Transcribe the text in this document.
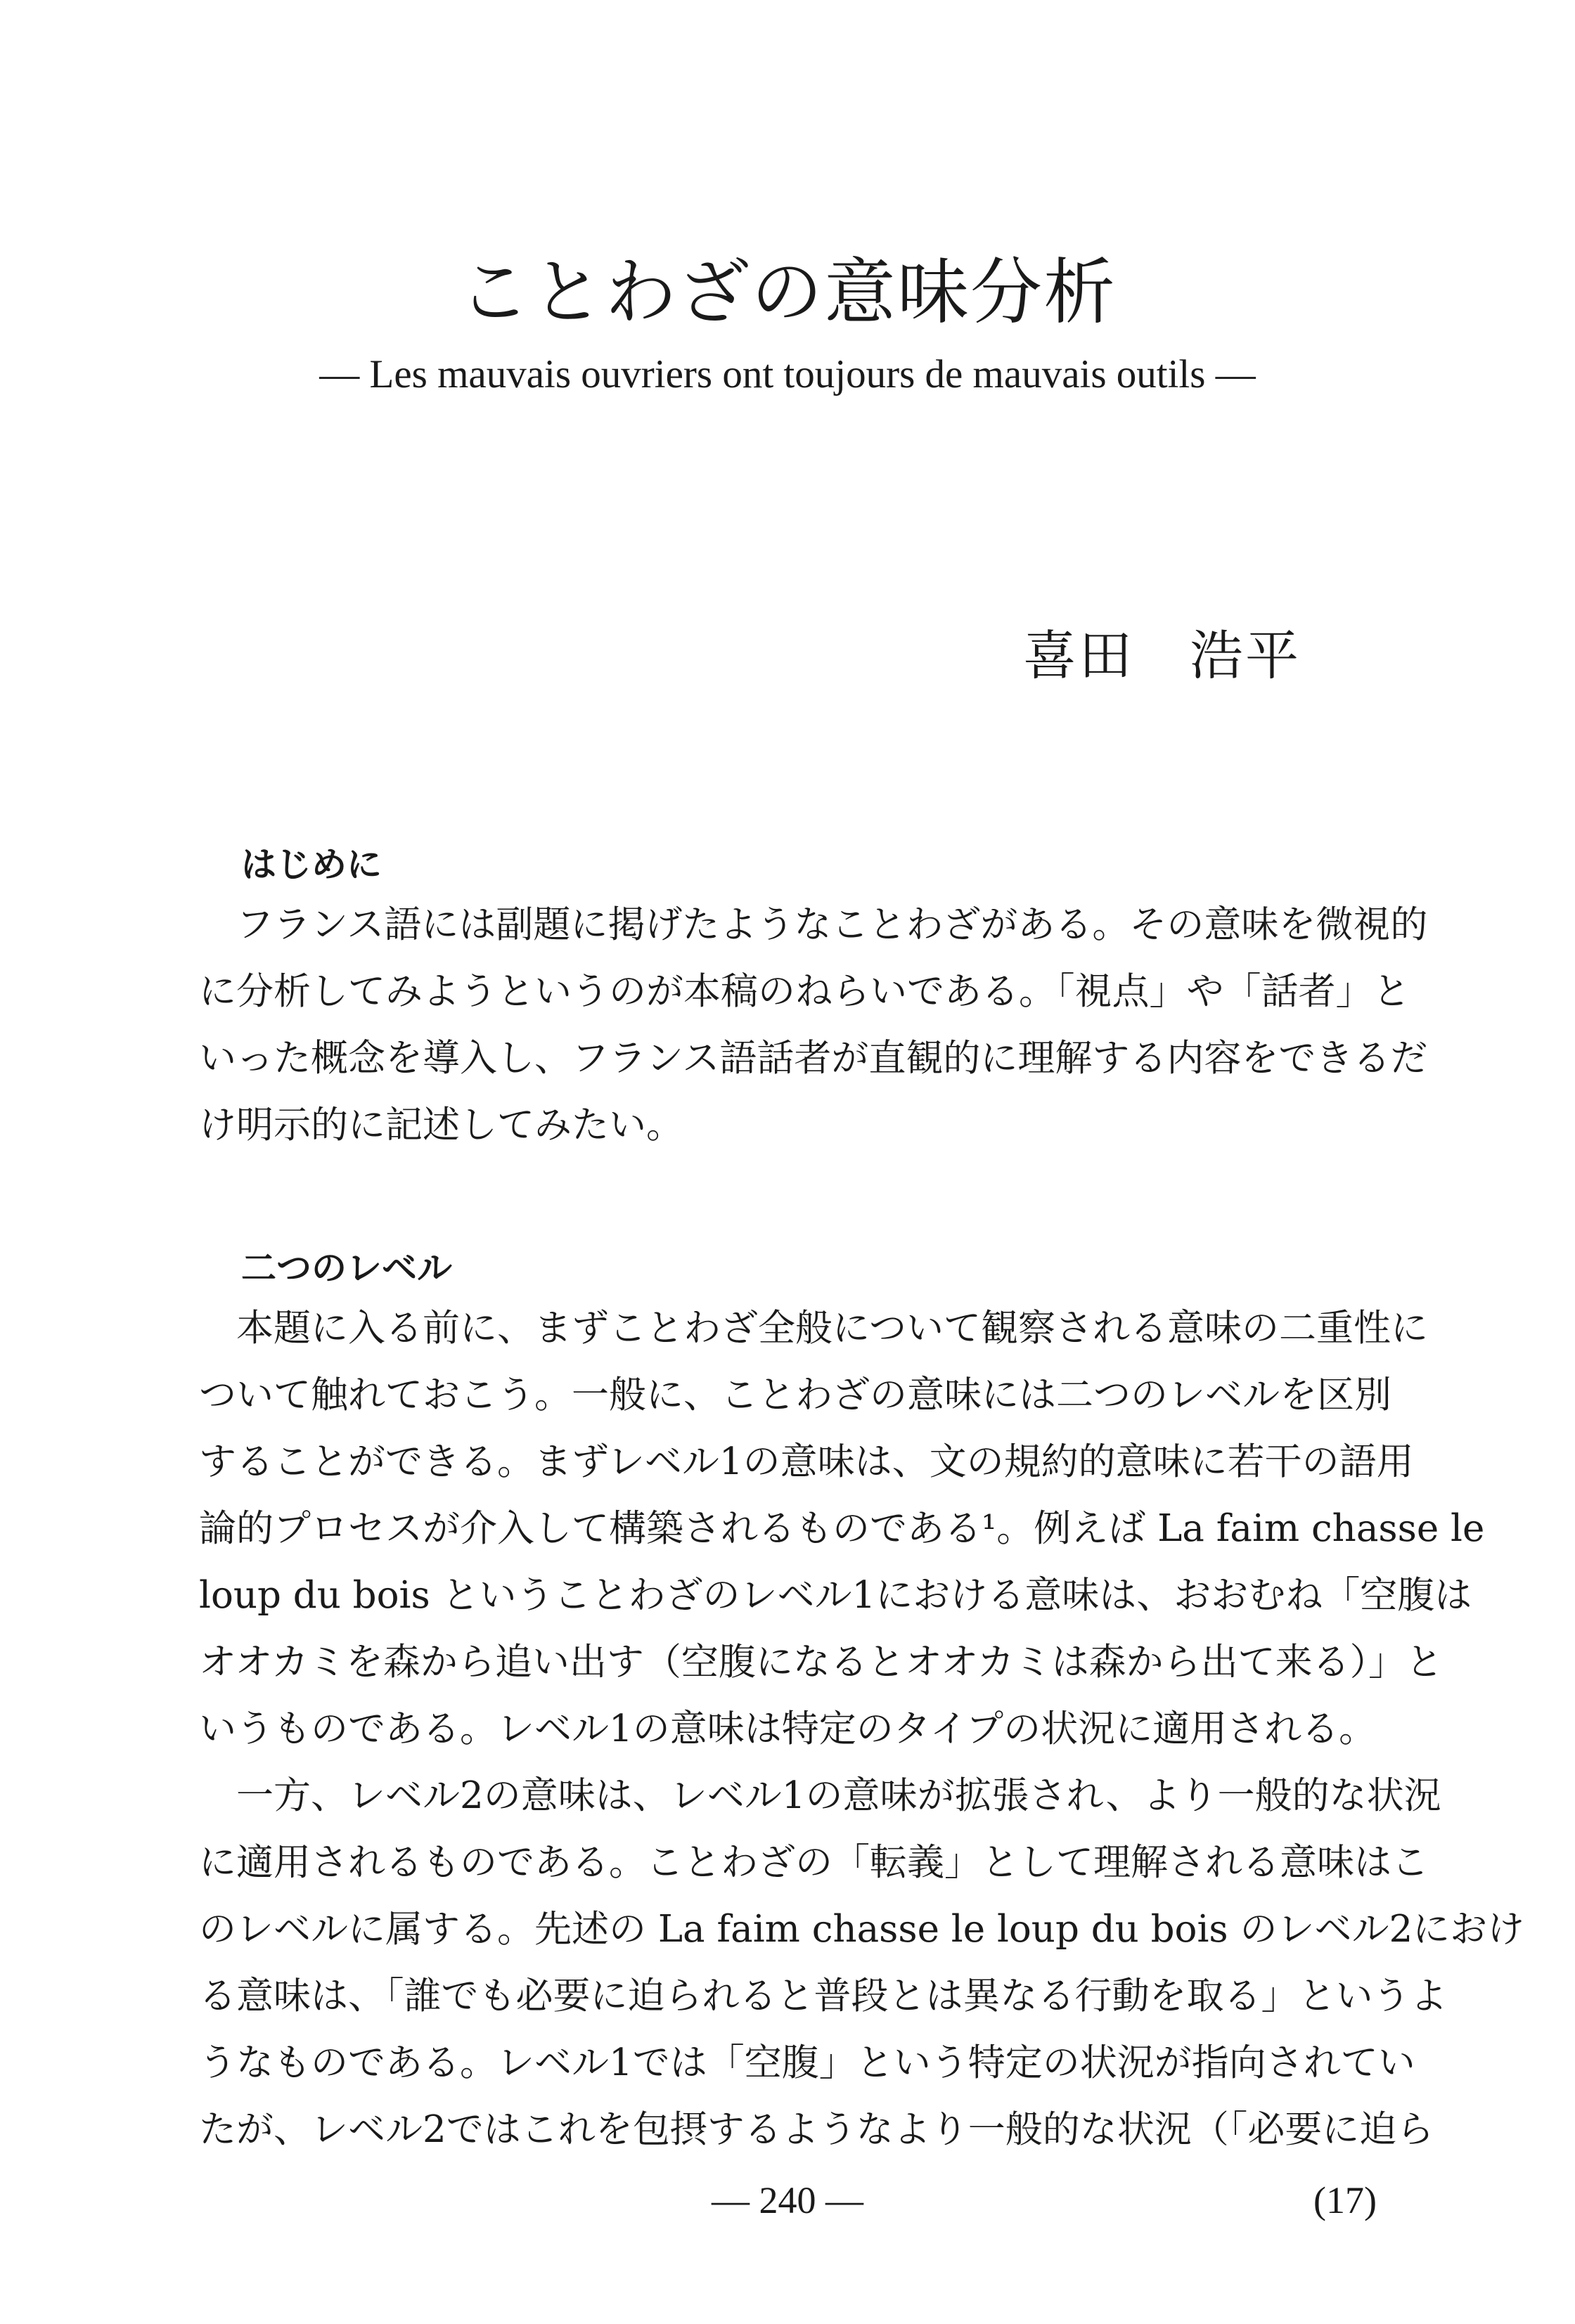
ことわざの意味分析
— Les mauvais ouvriers ont toujours de mauvais outils —
喜田　浩平
はじめに
フランス語には副題に掲げたようなことわざがある。その意味を微視的
に分析してみようというのが本稿のねらいである。「視点」や「話者」と
いった概念を導入し、フランス語話者が直観的に理解する内容をできるだ
け明示的に記述してみたい。
二つのレベル
本題に入る前に、まずことわざ全般について観察される意味の二重性に
ついて触れておこう。一般に、ことわざの意味には二つのレベルを区別
することができる。まずレベル1の意味は、文の規約的意味に若干の語用
論的プロセスが介入して構築されるものである¹。例えば La faim chasse le
loup du bois ということわざのレベル1における意味は、おおむね「空腹は
オオカミを森から追い出す（空腹になるとオオカミは森から出て来る）」と
いうものである。レベル1の意味は特定のタイプの状況に適用される。
一方、レベル2の意味は、レベル1の意味が拡張され、より一般的な状況
に適用されるものである。ことわざの「転義」として理解される意味はこ
のレベルに属する。先述の La faim chasse le loup du bois のレベル2におけ
る意味は、「誰でも必要に迫られると普段とは異なる行動を取る」というよ
うなものである。レベル1では「空腹」という特定の状況が指向されてい
たが、レベル2ではこれを包摂するようなより一般的な状況（「必要に迫ら
— 240 —	(17)
